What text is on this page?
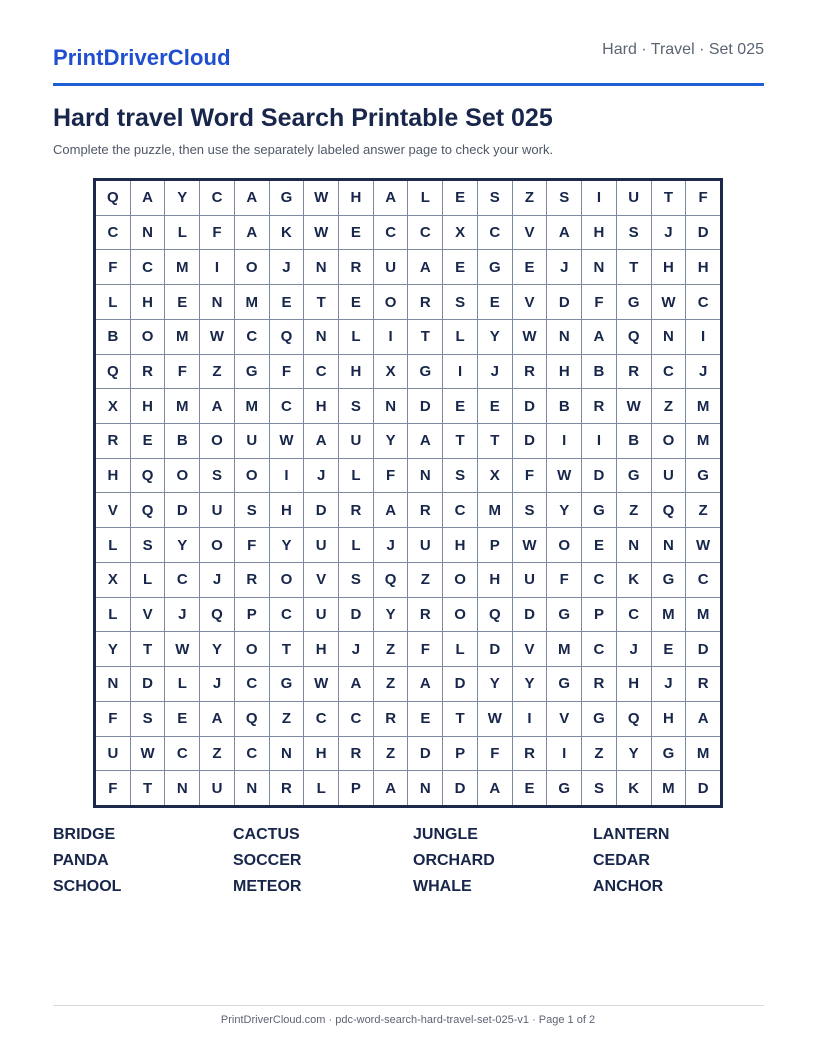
PrintDriverCloud	Hard · Travel · Set 025
Hard travel Word Search Printable Set 025
Complete the puzzle, then use the separately labeled answer page to check your work.
Q	A	Y	C	A	G	W	H	A	L	E	S	Z	S	I	U	T	F
C	N	L	F	A	K	W	E	C	C	X	C	V	A	H	S	J	D
F	C	M	I	O	J	N	R	U	A	E	G	E	J	N	T	H	H
L	H	E	N	M	E	T	E	O	R	S	E	V	D	F	G	W	C
B	O	M	W	C	Q	N	L	I	T	L	Y	W	N	A	Q	N	I
Q	R	F	Z	G	F	C	H	X	G	I	J	R	H	B	R	C	J
X	H	M	A	M	C	H	S	N	D	E	E	D	B	R	W	Z	M
R	E	B	O	U	W	A	U	Y	A	T	T	D	I	I	B	O	M
H	Q	O	S	O	I	J	L	F	N	S	X	F	W	D	G	U	G
V	Q	D	U	S	H	D	R	A	R	C	M	S	Y	G	Z	Q	Z
L	S	Y	O	F	Y	U	L	J	U	H	P	W	O	E	N	N	W
X	L	C	J	R	O	V	S	Q	Z	O	H	U	F	C	K	G	C
L	V	J	Q	P	C	U	D	Y	R	O	Q	D	G	P	C	M	M
Y	T	W	Y	O	T	H	J	Z	F	L	D	V	M	C	J	E	D
N	D	L	J	C	G	W	A	Z	A	D	Y	Y	G	R	H	J	R
F	S	E	A	Q	Z	C	C	R	E	T	W	I	V	G	Q	H	A
U	W	C	Z	C	N	H	R	Z	D	P	F	R	I	Z	Y	G	M
F	T	N	U	N	R	L	P	A	N	D	A	E	G	S	K	M	D
BRIDGE	CACTUS	JUNGLE	LANTERN
PANDA	SOCCER	ORCHARD	CEDAR
SCHOOL	METEOR	WHALE	ANCHOR
PrintDriverCloud.com · pdc-word-search-hard-travel-set-025-v1 · Page 1 of 2
